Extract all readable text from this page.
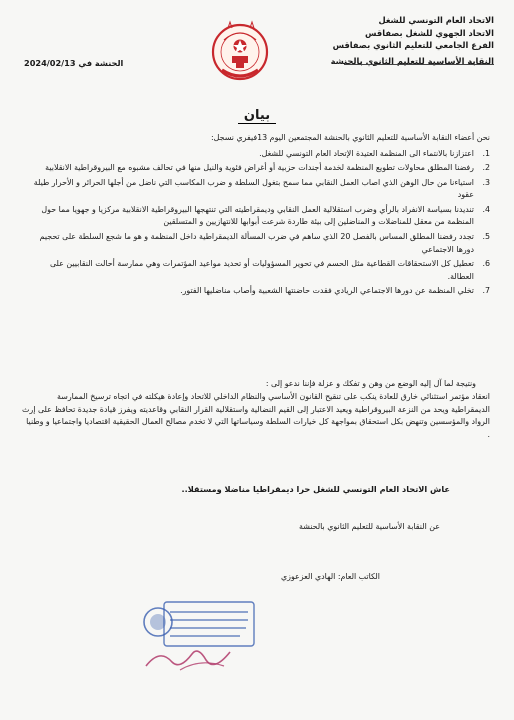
الاتحاد العام التونسي للشغل
الاتحاد الجهوي للشغل بصفاقس
الفرع الجامعي للتعليم الثانوي بصفاقس
النقابة الأساسية للتعليم الثانوي بالحنشة
الحنشة في 2024/02/13
بيان
نحن أعضاء النقابة الأساسية للتعليم الثانوي بالحنشة المجتمعين اليوم 13فيفري نسجل:
1.
اعتزازنا بالانتماء الى المنظمة العتيدة الإتحاد العام التونسي للشغل.
2.
رفضنا المطلق محاولات تطويع المنظمة لخدمة أجندات حزبية أو أغراض فئوية والنيل منها في تحالف مشبوه مع البيروقراطية الانقلابية
3.
استياءنا من حال الوهن الذي اصاب العمل النقابي مما سمح بتغول السلطة و ضرب المكاسب التي ناضل من أجلها الحرائر و الأحرار طيلة عقود
4.
تنديدنا بسياسة الانفراد بالرأي وضرب استقلالية العمل النقابي وديمقراطيته التي تنتهجها البيروقراطية الانقلابية مركزيا و جهويا مما حول المنظمة من معقل للمناضلات و المناضلين إلى بيئة طاردة شرعت أبوابها للانتهازيين و المتسلقين
5.
تجدد رفضنا المطلق المساس بالفصل 20 الذي ساهم في ضرب المسألة الديمقراطية داخل المنظمة و هو ما شجع السلطة على تحجيم دورها الاجتماعي
6.
تعطيل كل الاستحقاقات القطاعية مثل الحسم في تحوير المسؤوليات أو تحديد مواعيد المؤتمرات وهي ممارسة أحالت النقابيين على العطالة.
7.
تخلي المنظمة عن دورها الاجتماعي الريادي فقدت حاضنتها الشعبية وأصاب مناضليها الفتور.
ونتيجة لما آل إليه الوضع من وهن و تفكك و عزلة فإننا ندعو إلى :
انعقاد مؤتمر استثنائي خارق للعادة ينكب على تنقيح القانون الأساسي والنظام الداخلي للاتحاد وإعادة هيكلته في اتجاه ترسيخ الممارسة الديمقراطية ويحد من النزعة البيروقراطية ويعيد الاعتبار إلى القيم النضالية واستقلالية القرار النقابي وقاعديته ويفرز قيادة جديدة تحافظ على إرث الرواد والمؤسسين وتنهض بكل استحقاق بمواجهة كل خيارات السلطة وسياساتها التي لا تخدم مصالح العمال الحقيقية اقتصاديا واجتماعيا و وطنيا .
عاش الاتحاد العام التونسي للشغل حرا ديمقراطيا مناضلا ومستقلا..
عن النقابة الأساسية للتعليم الثانوي بالحنشة
الكاتب العام: الهادي العزعوزي
